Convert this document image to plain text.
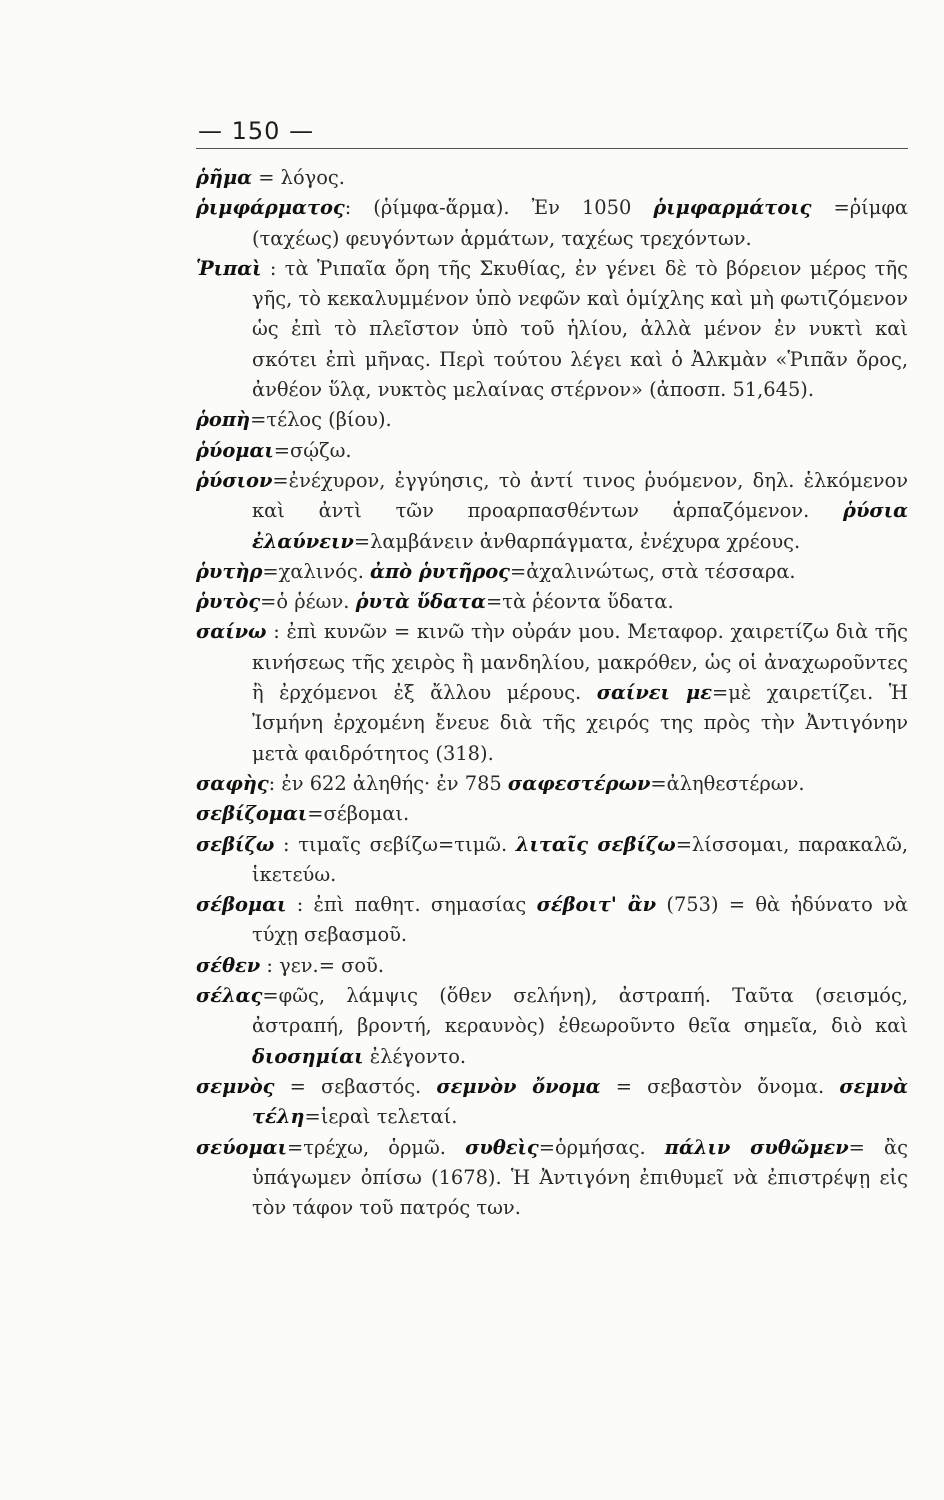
— 150 —

ῥῆμα = λόγος.

ῥιμφάρματος: (ῥίμφα-ἅρμα). Ἐν 1050 ῥιμφαρμάτοις =ῥίμφα (ταχέως) φευγόντων ἁρμάτων, ταχέως τρεχόντων.

Ῥιπαὶ : τὰ Ῥιπαῖα ὄρη τῆς Σκυθίας, ἐν γένει δὲ τὸ βόρειον μέρος τῆς γῆς, τὸ κεκαλυμμένον ὑπὸ νεφῶν καὶ ὁμίχλης καὶ μὴ φωτιζόμενον ὡς ἐπὶ τὸ πλεῖστον ὑπὸ τοῦ ἡλίου, ἀλλὰ μένον ἐν νυκτὶ καὶ σκότει ἐπὶ μῆνας. Περὶ τούτου λέγει καὶ ὁ Ἀλκμὰν «Ῥιπᾶν ὄρος, ἀνθέον ὕλᾳ, νυκτὸς μελαίνας στέρνον» (ἀποσπ. 51,645).

ῥοπὴ=τέλος (βίου).

ῥύομαι=σῴζω.

ῥύσιον=ἐνέχυρον, ἐγγύησις, τὸ ἀντί τινος ῥυόμενον, δηλ. ἑλκόμενον καὶ ἀντὶ τῶν προαρπασθέντων ἁρπαζόμενον. ῥύσια ἐλαύνειν=λαμβάνειν ἀνθαρπάγματα, ἐνέχυρα χρέους.

ῥυτὴρ=χαλινός. ἀπὸ ῥυτῆρος=ἀχαλινώτως, στὰ τέσσαρα.

ῥυτὸς=ὁ ῥέων. ῥυτὰ ὕδατα=τὰ ῥέοντα ὕδατα.

σαίνω : ἐπὶ κυνῶν = κινῶ τὴν οὐράν μου. Μεταφορ. χαιρετίζω διὰ τῆς κινήσεως τῆς χειρὸς ἢ μανδηλίου, μακρόθεν, ὡς οἱ ἀναχωροῦντες ἢ ἐρχόμενοι ἐξ ἄλλου μέρους. σαίνει με=μὲ χαιρετίζει. Ἡ Ἰσμήνη ἐρχομένη ἔνευε διὰ τῆς χειρός της πρὸς τὴν Ἀντιγόνην μετὰ φαιδρότητος (318).

σαφὴς: ἐν 622 ἀληθής· ἐν 785 σαφεστέρων=ἀληθεστέρων.

σεβίζομαι=σέβομαι.

σεβίζω : τιμαῖς σεβίζω=τιμῶ. λιταῖς σεβίζω=λίσσομαι, παρακαλῶ, ἱκετεύω.

σέβομαι : ἐπὶ παθητ. σημασίας σέβοιτ' ἂν (753) = θὰ ἠδύνατο νὰ τύχῃ σεβασμοῦ.

σέθεν : γεν.= σοῦ.

σέλας=φῶς, λάμψις (ὅθεν σελήνη), ἀστραπή. Ταῦτα (σεισμός, ἀστραπή, βροντή, κεραυνὸς) ἐθεωροῦντο θεῖα σημεῖα, διὸ καὶ διοσημίαι ἐλέγοντο.

σεμνὸς = σεβαστός. σεμνὸν ὄνομα = σεβαστὸν ὄνομα. σεμνὰ τέλη=ἱεραὶ τελεταί.

σεύομαι=τρέχω, ὁρμῶ. συθεὶς=ὁρμήσας. πάλιν συθῶμεν= ἂς ὑπάγωμεν ὀπίσω (1678). Ἡ Ἀντιγόνη ἐπιθυμεῖ νὰ ἐπιστρέψῃ εἰς τὸν τάφον τοῦ πατρός των.
